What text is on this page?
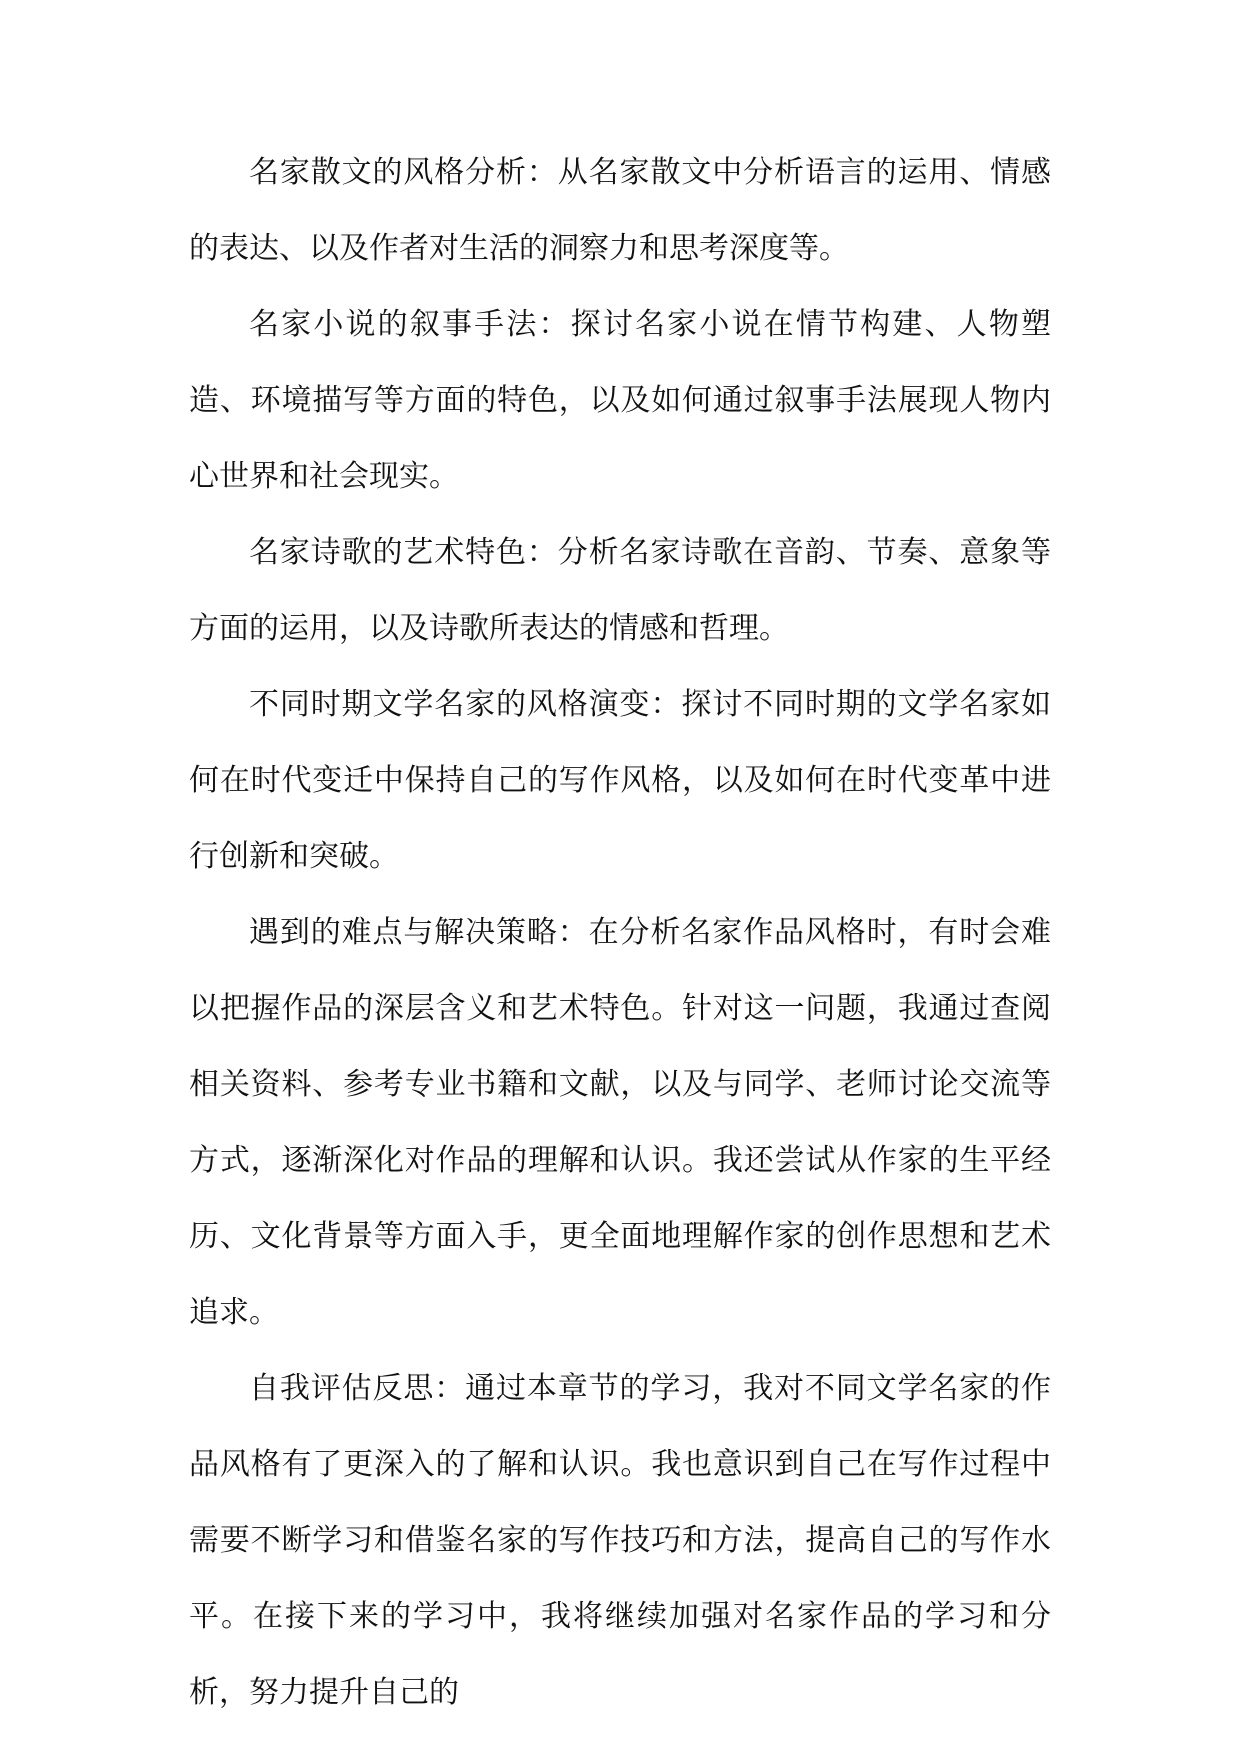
名家散文的风格分析：从名家散文中分析语言的运用、情感的表达、以及作者对生活的洞察力和思考深度等。

名家小说的叙事手法：探讨名家小说在情节构建、人物塑造、环境描写等方面的特色，以及如何通过叙事手法展现人物内心世界和社会现实。

名家诗歌的艺术特色：分析名家诗歌在音韵、节奏、意象等方面的运用，以及诗歌所表达的情感和哲理。

不同时期文学名家的风格演变：探讨不同时期的文学名家如何在时代变迁中保持自己的写作风格，以及如何在时代变革中进行创新和突破。

遇到的难点与解决策略：在分析名家作品风格时，有时会难以把握作品的深层含义和艺术特色。针对这一问题，我通过查阅相关资料、参考专业书籍和文献，以及与同学、老师讨论交流等方式，逐渐深化对作品的理解和认识。我还尝试从作家的生平经历、文化背景等方面入手，更全面地理解作家的创作思想和艺术追求。

自我评估反思：通过本章节的学习，我对不同文学名家的作品风格有了更深入的了解和认识。我也意识到自己在写作过程中需要不断学习和借鉴名家的写作技巧和方法，提高自己的写作水平。在接下来的学习中，我将继续加强对名家作品的学习和分析，努力提升自己的
